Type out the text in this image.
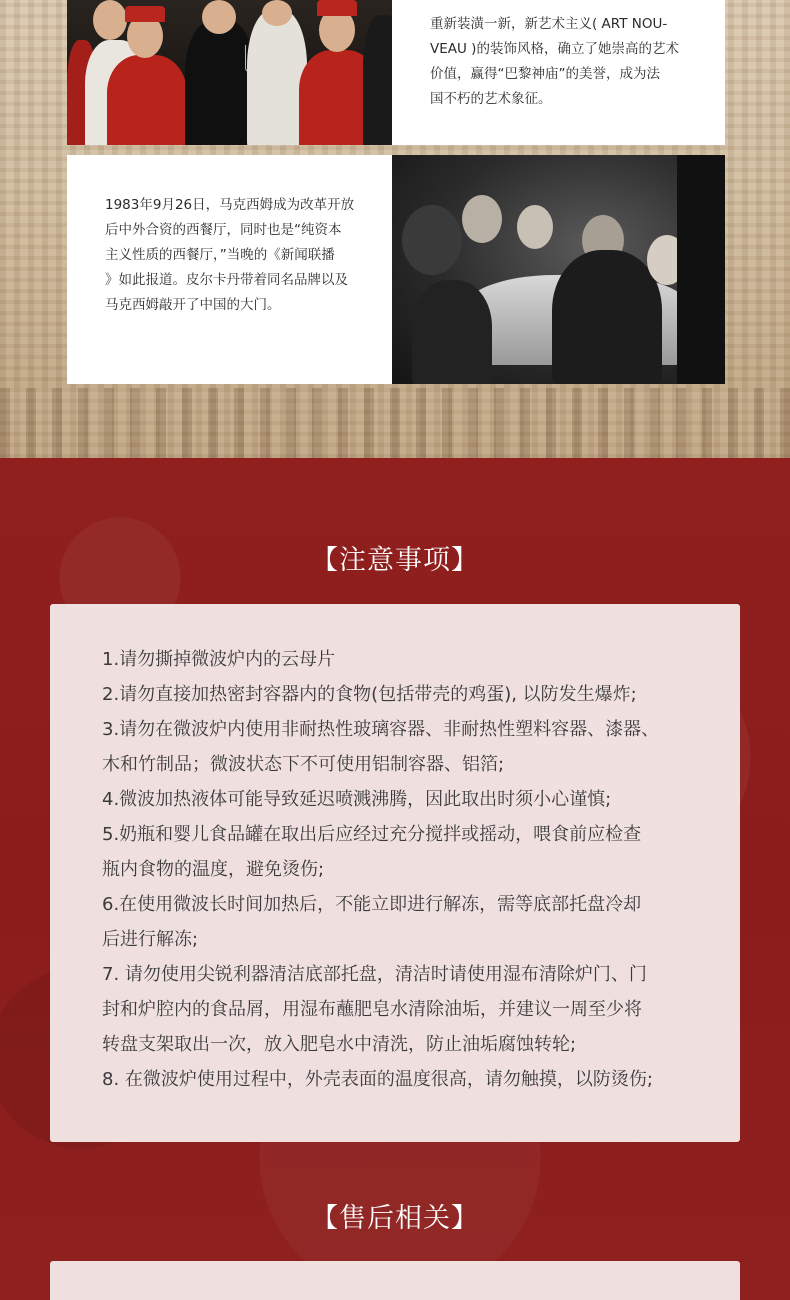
重新装潢一新，新艺术主义( ART NOU-
VEAU )的装饰风格，确立了她崇高的艺术
价值，赢得“巴黎神庙”的美誉，成为法
国不朽的艺术象征。
1983年9月26日，马克西姆成为改革开放
后中外合资的西餐厅，同时也是“纯资本
主义性质的西餐厅，”当晚的《新闻联播
》如此报道。皮尔卡丹带着同名品牌以及
马克西姆敲开了中国的大门。
【注意事项】
1.请勿撕掉微波炉内的云母片
2.请勿直接加热密封容器内的食物(包括带壳的鸡蛋), 以防发生爆炸;
3.请勿在微波炉内使用非耐热性玻璃容器、非耐热性塑料容器、漆器、
木和竹制品；微波状态下不可使用铝制容器、铝箔;
4.微波加热液体可能导致延迟喷溅沸腾，因此取出时须小心谨慎;
5.奶瓶和婴儿食品罐在取出后应经过充分搅拌或摇动，喂食前应检查
瓶内食物的温度，避免烫伤;
6.在使用微波长时间加热后，不能立即进行解冻，需等底部托盘冷却
后进行解冻;
7. 请勿使用尖锐利器清洁底部托盘，清洁时请使用湿布清除炉门、门
封和炉腔内的食品屑，用湿布蘸肥皂水清除油垢，并建议一周至少将
转盘支架取出一次，放入肥皂水中清洗，防止油垢腐蚀转轮;
8. 在微波炉使用过程中，外壳表面的温度很高，请勿触摸，以防烫伤;
【售后相关】
